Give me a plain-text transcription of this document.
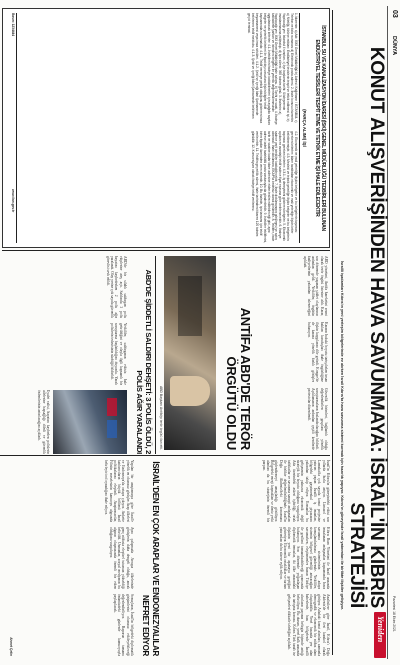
Pazartesi 18 Ekim 2021
03
DÜNYA
Yeniden
KONUT ALIŞVERİŞİNDEN HAVA SAVUNMAYA: İSRAİL'İN KIBRIS STRATEJİSİ
İsrailli işadamları Kıbrıs'ın yeni yerleşim bölgelerinde ev alırken İsrail Kıbrıs'ta hava savunma sistemi kurmak için hazırlık yapıyor. Kıbrıs'ın güneyinde İsrail yatırımları ile birlikte ilişkiler gelişiyor.
İsrail'in Kıbrıs'ın güneyindeki etkisi son yıllarda hızla artıyor. Limasol ve Larnaka'da çok sayıda konut projesine yatırım yapan İsrailli iş insanları, bölgedeki gayrimenkul piyasasını yakından takip ediyor. Uzmanlar bu gelişmenin yalnızca ekonomik değil stratejik bir boyutu olduğunu vurguluyor. Ada üzerindeki askeri işbirliği, ortak tatbikatlar ve savunma sanayii anlaşmaları ile birlikte değerlendirildiğinde, İsrail'in Doğu Akdeniz'deki konumunu güçlendirmeyi amaçladığı görülüyor. Bölgedeki enerji kaynakları ve deniz yetki alanları da bu stratejinin önemli bir parçası.
Kıbrıs Rum Yönetimi ile İsrail arasında imzalanan anlaşmalar kapsamında hava savunma sistemlerinin adaya konuşlandırılması gündemde. Yetkililer, sistemin bölgesel güvenliği artıracağını savunurken, eleştirmenler bunun Türkiye ile gerilimi tırmandırabileceği uyarısında bulunuyor. Son dönemde yoğunlaşan diplomatik temaslar, iki ülke arasındaki ilişkinin yeni bir aşamaya geçtiğini gösteriyor. Ekonomik ortaklıklar ve turizm yatırımları da bu sürece eşlik ediyor.
Analistlere göre İsrail, Kıbrıs'ı Doğu Akdeniz'de bir ileri karakol olarak görüyor. Adadaki konut alımları, zamanla demografik ve ekonomik bir nüfuz alanı oluşturabilir. Yerel basında yer alan haberlerde, bazı bölgelerde İsrailli alıcıların payının belirgin biçimde arttığı belirtiliyor. Bu durum, yerel halk arasında da tartışma konusu. Kıbrıs Türk tarafı ise gelişmeleri dikkatle izlediğini açıkladı.
İSRAİL'DEN EN ÇOK ARAPLAR VE ENDONEZYALILAR NEFRET EDİYOR
Yapılan bir araştırmaya göre İsrail'e yönelik en olumsuz görüşler Arap ülkeleri ve Endonezya'da ortaya çıkıyor. Ankette katılımcıların büyük bölümü İsrail politikalarını eleştirdi. Araştırmacılar, Filistin meselesinin kamuoyu algısında belirleyici rol oynadığını ifade ediyor.
Aynı çalışmada Avrupa ülkelerinde görüşlerin daha dengeli olduğu, ancak genç nüfusta eleştirel tutumun yükseldiği belirtildi. Uzmanlar, sosyal medyanın bu algının oluşmasında önemli bir etken olduğunu vurguluyor.
Sonuçların, İsrail'in bölgedeki diplomatik girişimlerini olumsuz etkileyebileceği değerlendiriliyor. Raporun tamamı önümüzdeki günlerde kamuoyuyla paylaşılacak.
Ahmet Çetin
ANTİFA ABD'DE TERÖR ÖRGÜTÜ OLDU
ABD yönetimi, Antifa hareketini resmi olarak terör örgütü listesine aldı. Karar, son dönemde yaşanan şiddet olaylarının ardından geldi. Yetkililer, örgütün faaliyetlerinin yakından izleneceğini açıkladı.
Kararın hukuki boyutu tartışılırken insan hakları kuruluşları ifade özgürlüğüne ilişkin kaygılarını dile getirdi. Kongre'de de karara yönelik farklı görüşler bulunuyor.
Güvenlik birimleri, bağlantılı olduğu değerlendirilen gruplara yönelik soruşturmaların hızlandırılacağını bildirdi. Açıklamanın ardından çeşitli kentlerde protestolar düzenlendi.
ABD Başkanı Antifa'yı terör örgütü ilan etti.
ABD'DE ŞİDDETLİ SALDIRI DEHŞETİ: 3 POLİS ÖLDÜ, 2 POLİS AĞIR YARALANDI
ABD'de bir silahlı saldırgan polis ekiplerine ateş açtı. Saldırıda 3 polis hayatını kaybederken 2 polis ağır yaralandı. Olay yerine çok sayıda güvenlik görevlisi sevk edildi.
Yetkililer, saldırganın etkisiz hale getirildiğini ve olayla ilgili kapsamlı bir soruşturma başlatıldığını duyurdu. Yaralı polislerin tedavisinin sürdüğü bildirildi.
Eyalet valisi, hayatını kaybeden polislerin ailelerine başsağlığı diledi ve güvenlik önlemlerinin artırılacağını açıkladı.
İSTANBUL SU VE KANALİZASYON İDARESİ (İSKİ) GENEL MÜDÜRLÜĞÜ TEDBİRLERİ BULUNAN ENDÜSTRİYEL TESİSLERİ TESPİT ETME VE TETKİK ETME İŞİ İHALE EDİLECEKTİR
(PARÇA ALIMI) İŞİ
1. İdarenin: a) Adı: İSKİ Genel Müdürlüğü b) Adresi: Kağıthane / İSTANBUL c) Telefon ve faks numarası d) Elektronik posta adresi. 2. İhale konusu hizmetin: a) Niteliği, türü ve miktarı: Endüstriyel tesislerin tespit ve tetkik edilmesi işi. b) Yapılacağı yer: İstanbul il sınırları. c) İşe başlama tarihi: Sözleşmenin imzalanmasına müteakip. d) İşin süresi: 365 takvim günü. 3. İhalenin: a) Yapılacağı yer: İSKİ Genel Müdürlüğü ihale salonu. b) Tarihi ve saati. 4. İhaleye katılabilme şartları ve istenilen belgeler ile yeterlik değerlendirmesinde uygulanacak kriterler: 4.1. İsteklilerin ihaleye katılabilmeleri için aşağıda sayılan belgeler ve yeterlik kriterleri ile fiyat dışı unsurlara ilişkin bilgiler teklif kapsamında sunulmalıdır. 4.1.1. Teklif vermeye yetkili olduğunu gösteren imza beyannamesi veya imza sirküleri. 4.1.2. Şekli ve içeriği İdari Şartnamede belirlenen teklif mektubu. 4.1.3. Şekli ve içeriği İdari Şartnamede belirlenen geçici teminat.
4.2. Ekonomik ve mali yeterliğe ilişkin belgeler ve bu belgelerin taşıması gereken kriterler: İdare tarafından ekonomik ve mali yeterliğe ilişkin kriter belirtilmemiştir. 4.3. Mesleki ve teknik yeterliğe ilişkin belgeler ve bu belgelerin taşıması gereken kriterler: 4.3.1. İş deneyimini gösteren belgeler. 5. Ekonomik açıdan en avantajlı teklif sadece fiyat esasına göre belirlenecektir. 6. İhaleye sadece yerli istekliler katılabilecektir. 7. İhale dokümanının görülmesi ve satın alınması: İhale dokümanı, EKAP'ta bedelsiz olarak görülebilir. 8. Teklifler, ihale tarih ve saatine kadar idare adresine elden teslim edilebileceği gibi, aynı adrese iadeli taahhütlü posta vasıtasıyla da gönderilebilir. 9. İstekliler tekliflerini, birim fiyatlar üzerinden vereceklerdir. 10. Bu ihalede, işin tamamı için teklif verilecektir. 11. Teklifin geçerlilik süresi, ihale tarihinden itibaren 120 takvim günüdür. 12. Konsorsiyum olarak ihaleye teklif verilemez.
Basın: 1234444
www.ilan.gov.tr
